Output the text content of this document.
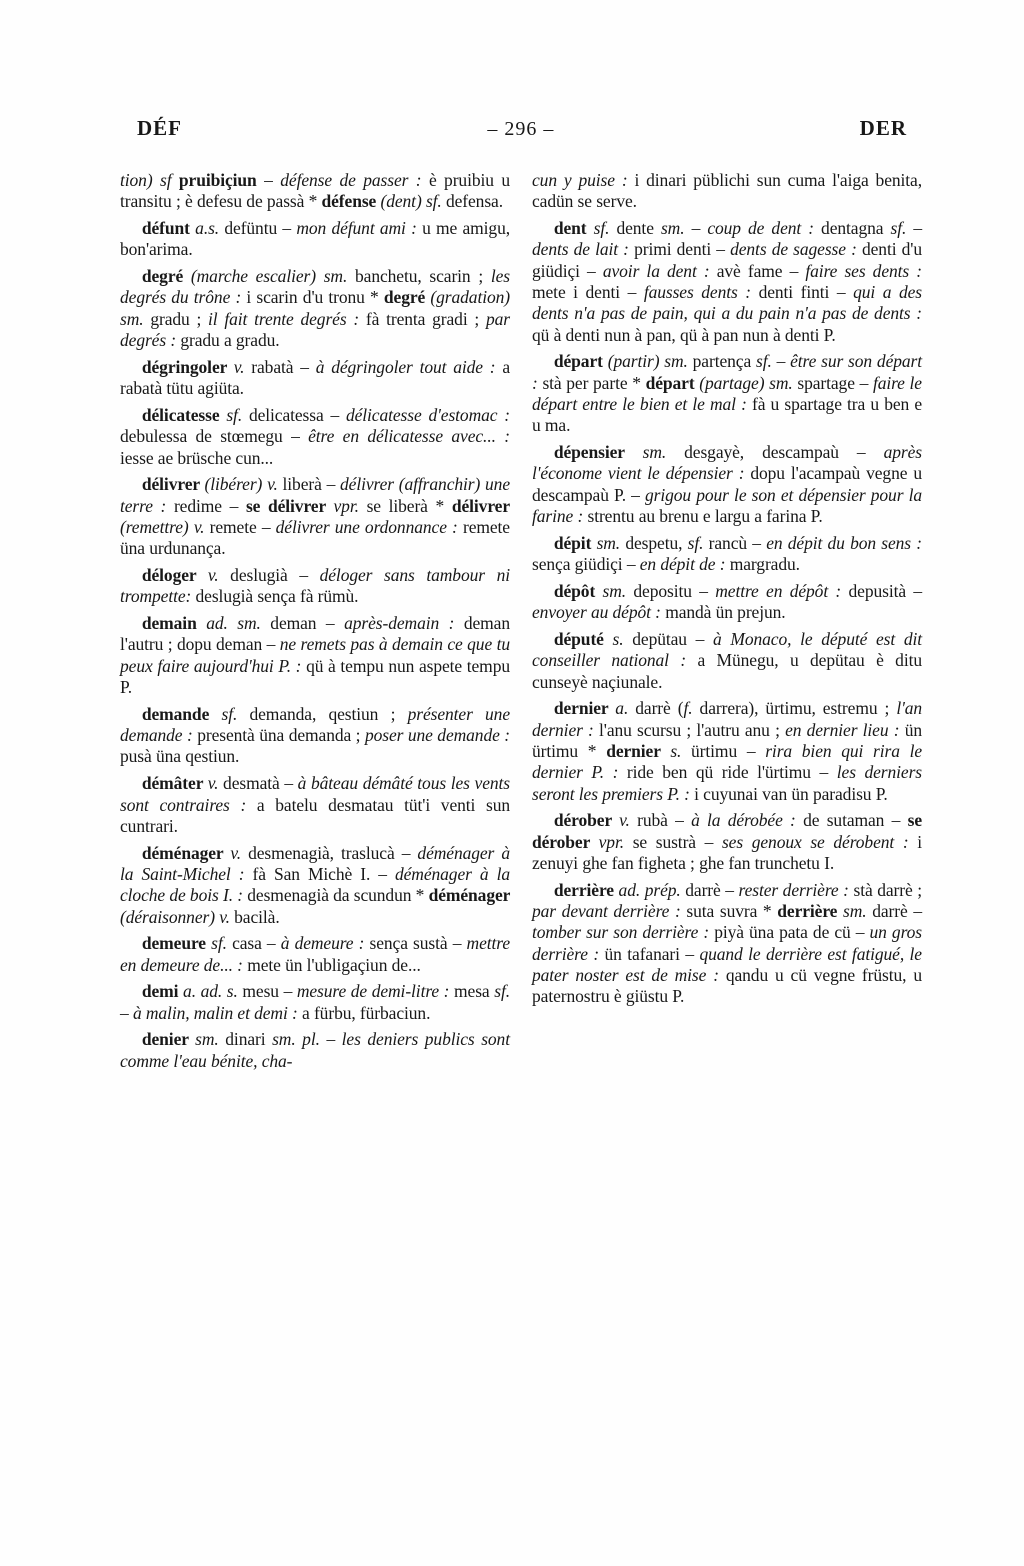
DÉF	– 296 –	DER

tion) sf pruibiçiun – défense de passer : è pruibiu u transitu ; è defesu de passà * défense (dent) sf. defensa.

défunt a.s. defüntu – mon défunt ami : u me amigu, bon'arima.

degré (marche escalier) sm. banchetu, scarin ; les degrés du trône : i scarin d'u tronu * degré (gradation) sm. gradu ; il fait trente degrés : fà trenta gradi ; par degrés : gradu a gradu.

dégringoler v. rabatà – à dégringoler tout aide : a rabatà tütu agiüta.

délicatesse sf. delicatessa – délicatesse d'estomac : debulessa de stœmegu – être en délicatesse avec... : iesse ae brüsche cun...

délivrer (libérer) v. liberà – délivrer (affranchir) une terre : redime – se délivrer vpr. se liberà * délivrer (remettre) v. remete – délivrer une ordonnance : remete üna urdunança.

déloger v. deslugià – déloger sans tambour ni trompette: deslugià sença fà rümù.

demain ad. sm. deman – après-demain : deman l'autru ; dopu deman – ne remets pas à demain ce que tu peux faire aujourd'hui P. : qü à tempu nun aspete tempu P.

demande sf. demanda, qestiun ; présenter une demande : presentà üna demanda ; poser une demande : pusà üna qestiun.

démâter v. desmatà – à bâteau démâté tous les vents sont contraires : a batelu desmatau tüt'i venti sun cuntrari.

déménager v. desmenagià, traslucà – déménager à la Saint-Michel : fà San Michè I. – déménager à la cloche de bois I. : desmenagià da scundun * déménager (déraisonner) v. bacilà.

demeure sf. casa – à demeure : sença sustà – mettre en demeure de... : mete ün l'ubligaçiun de...

demi a. ad. s. mesu – mesure de demi-litre : mesa sf. – à malin, malin et demi : a fürbu, fürbaciun.

denier sm. dinari sm. pl. – les deniers publics sont comme l'eau bénite, cha-

cun y puise : i dinari püblichi sun cuma l'aiga benita, cadün se serve.

dent sf. dente sm. – coup de dent : dentagna sf. – dents de lait : primi denti – dents de sagesse : denti d'u giüdiçi – avoir la dent : avè fame – faire ses dents : mete i denti – fausses dents : denti finti – qui a des dents n'a pas de pain, qui a du pain n'a pas de dents : qü à denti nun à pan, qü à pan nun à denti P.

départ (partir) sm. partença sf. – être sur son départ : stà per parte * départ (partage) sm. spartage – faire le départ entre le bien et le mal : fà u spartage tra u ben e u ma.

dépensier sm. desgayè, descampaù – après l'économe vient le dépensier : dopu l'acampaù vegne u descampaù P. – grigou pour le son et dépensier pour la farine : strentu au brenu e largu a farina P.

dépit sm. despetu, sf. rancù – en dépit du bon sens : sença giüdiçi – en dépit de : margradu.

dépôt sm. depositu – mettre en dépôt : depusità – envoyer au dépôt : mandà ün prejun.

député s. depütau – à Monaco, le député est dit conseiller national : a Münegu, u depütau è ditu cunseyè naçiunale.

dernier a. darrè (f. darrera), ürtimu, estremu ; l'an dernier : l'anu scursu ; l'autru anu ; en dernier lieu : ün ürtimu * dernier s. ürtimu – rira bien qui rira le dernier P. : ride ben qü ride l'ürtimu – les derniers seront les premiers P. : i cuyunai van ün paradisu P.

dérober v. rubà – à la dérobée : de sutaman – se dérober vpr. se sustrà – ses genoux se dérobent : i zenuyi ghe fan figheta ; ghe fan trunchetu I.

derrière ad. prép. darrè – rester derrière : stà darrè ; par devant derrière : suta suvra * derrière sm. darrè – tomber sur son derrière : piyà üna pata de cü – un gros derrière : ün tafanari – quand le derrière est fatigué, le pater noster est de mise : qandu u cü vegne früstu, u paternostru è giüstu P.
